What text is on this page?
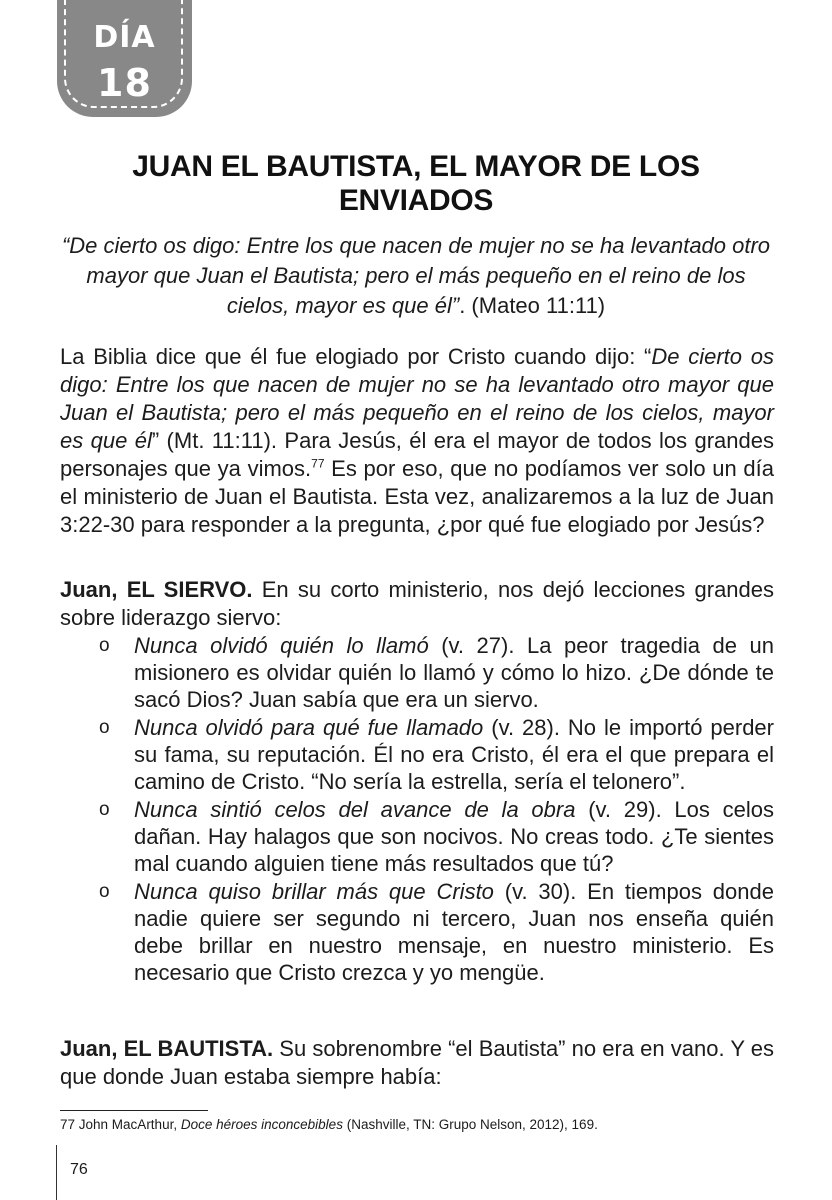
DÍA
18
JUAN EL BAUTISTA, EL MAYOR DE LOS ENVIADOS

“De cierto os digo: Entre los que nacen de mujer no se ha levantado otro mayor que Juan el Bautista; pero el más pequeño en el reino de los cielos, mayor es que él”. (Mateo 11:11)

La Biblia dice que él fue elogiado por Cristo cuando dijo: “De cierto os digo: Entre los que nacen de mujer no se ha levantado otro mayor que Juan el Bautista; pero el más pequeño en el reino de los cielos, mayor es que él” (Mt. 11:11). Para Jesús, él era el mayor de todos los grandes personajes que ya vimos.$^{77}$ Es por eso, que no podíamos ver solo un día el ministerio de Juan el Bautista. Esta vez, analizaremos a la luz de Juan 3:22-30 para responder a la pregunta, ¿por qué fue elogiado por Jesús?

Juan, EL SIERVO. En su corto ministerio, nos dejó lecciones grandes sobre liderazgo siervo:

o Nunca olvidó quién lo llamó (v. 27). La peor tragedia de un misionero es olvidar quién lo llamó y cómo lo hizo. ¿De dónde te sacó Dios? Juan sabía que era un siervo.
o Nunca olvidó para qué fue llamado (v. 28). No le importó perder su fama, su reputación. Él no era Cristo, él era el que prepara el camino de Cristo. “No sería la estrella, sería el telonero”.
o Nunca sintió celos del avance de la obra (v. 29). Los celos dañan. Hay halagos que son nocivos. No creas todo. ¿Te sientes mal cuando alguien tiene más resultados que tú?
o Nunca quiso brillar más que Cristo (v. 30). En tiempos donde nadie quiere ser segundo ni tercero, Juan nos enseña quién debe brillar en nuestro mensaje, en nuestro ministerio. Es necesario que Cristo crezca y yo mengüe.

Juan, EL BAUTISTA. Su sobrenombre “el Bautista” no era en vano. Y es que donde Juan estaba siempre había:

77 John MacArthur, Doce héroes inconcebibles (Nashville, TN: Grupo Nelson, 2012), 169.

76
